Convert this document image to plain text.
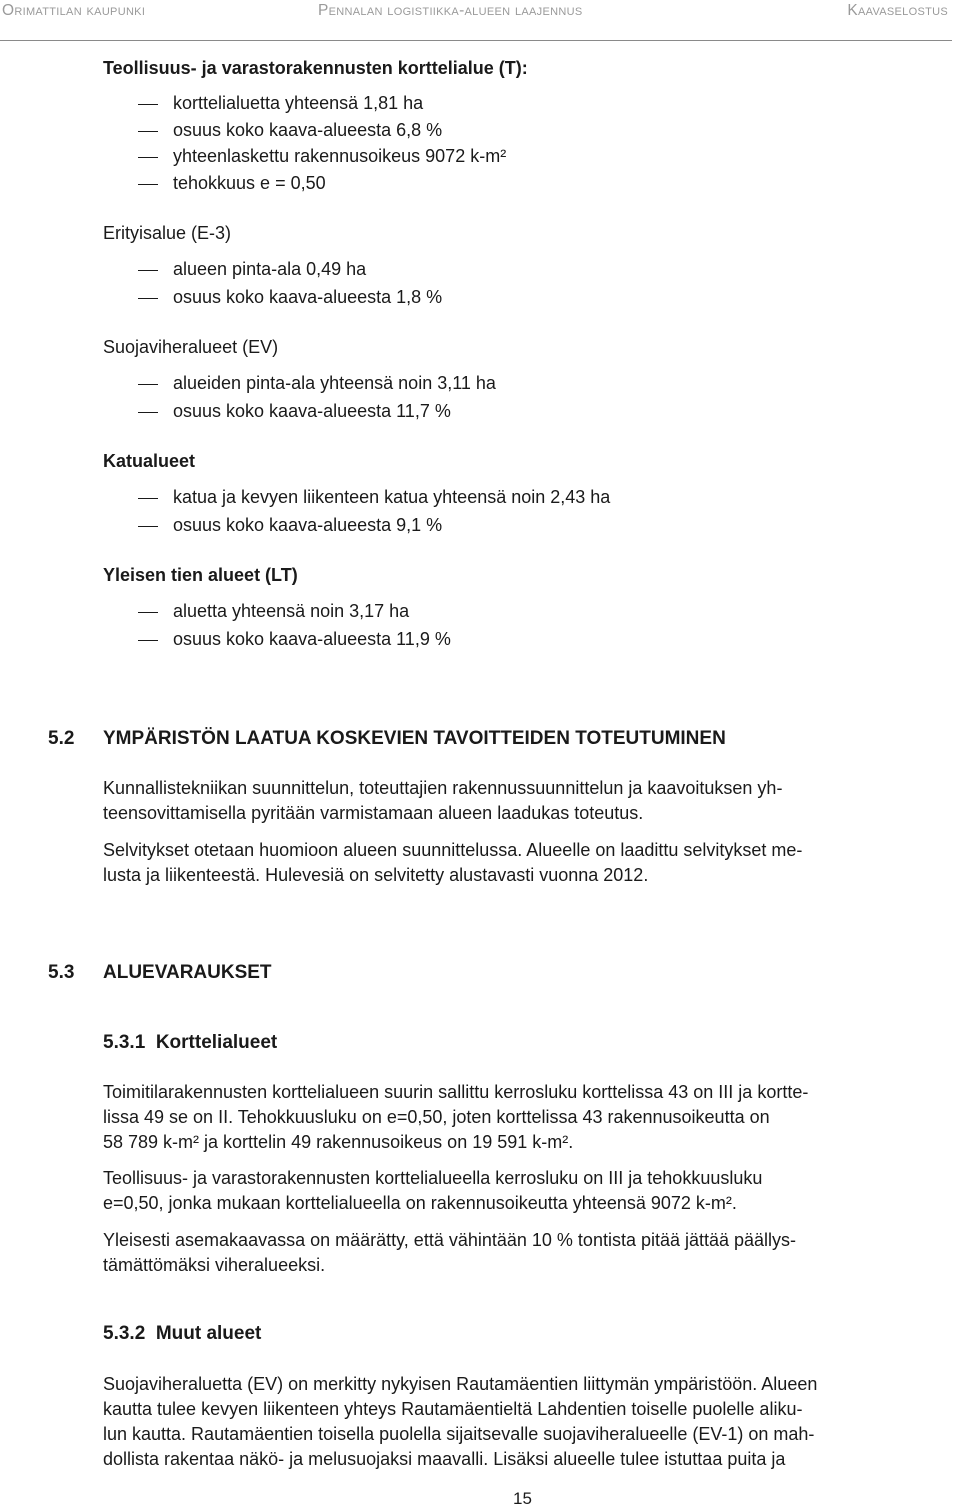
Orimattilan kaupunki	Pennalan logistiikka-alueen laajennus	Kaavaselostus
Teollisuus- ja varastorakennusten korttelialue (T):
korttelialuetta yhteensä 1,81 ha
osuus koko kaava-alueesta 6,8 %
yhteenlaskettu rakennusoikeus 9072 k-m²
tehokkuus e = 0,50
Erityisalue (E-3)
alueen pinta-ala 0,49 ha
osuus koko kaava-alueesta 1,8 %
Suojaviheralueet (EV)
alueiden pinta-ala yhteensä noin 3,11 ha
osuus koko kaava-alueesta 11,7 %
Katualueet
katua ja kevyen liikenteen katua yhteensä noin 2,43 ha
osuus koko kaava-alueesta 9,1 %
Yleisen tien alueet (LT)
aluetta yhteensä noin 3,17 ha
osuus koko kaava-alueesta 11,9 %
5.2 YMPÄRISTÖN LAATUA KOSKEVIEN TAVOITTEIDEN TOTEUTUMINEN
Kunnallistekniikan suunnittelun, toteuttajien rakennussuunnittelun ja kaavoituksen yh-
teensovittamisella pyritään varmistamaan alueen laadukas toteutus.
Selvitykset otetaan huomioon alueen suunnittelussa. Alueelle on laadittu selvitykset me-
lusta ja liikenteestä. Hulevesiä on selvitetty alustavasti vuonna 2012.
5.3 ALUEVARAUKSET
5.3.1  Korttelialueet
Toimitilarakennusten korttelialueen suurin sallittu kerrosluku korttelissa 43 on III ja kortte-
lissa 49 se on II. Tehokkuusluku on e=0,50, joten korttelissa 43 rakennusoikeutta on
58 789 k-m² ja korttelin 49 rakennusoikeus on 19 591 k-m².
Teollisuus- ja varastorakennusten korttelialueella kerrosluku on III ja tehokkuusluku
e=0,50, jonka mukaan korttelialueella on rakennusoikeutta yhteensä 9072 k-m².
Yleisesti asemakaavassa on määrätty, että vähintään 10 % tontista pitää jättää päällys-
tämättömäksi viheralueeksi.
5.3.2  Muut alueet
Suojaviheraluetta (EV) on merkitty nykyisen Rautamäentien liittymän ympäristöön. Alueen
kautta tulee kevyen liikenteen yhteys Rautamäentieltä Lahdentien toiselle puolelle aliku-
lun kautta. Rautamäentien toisella puolella sijaitsevalle suojaviheralueelle (EV-1) on mah-
dollista rakentaa näkö- ja melusuojaksi maavalli. Lisäksi alueelle tulee istuttaa puita ja
15
